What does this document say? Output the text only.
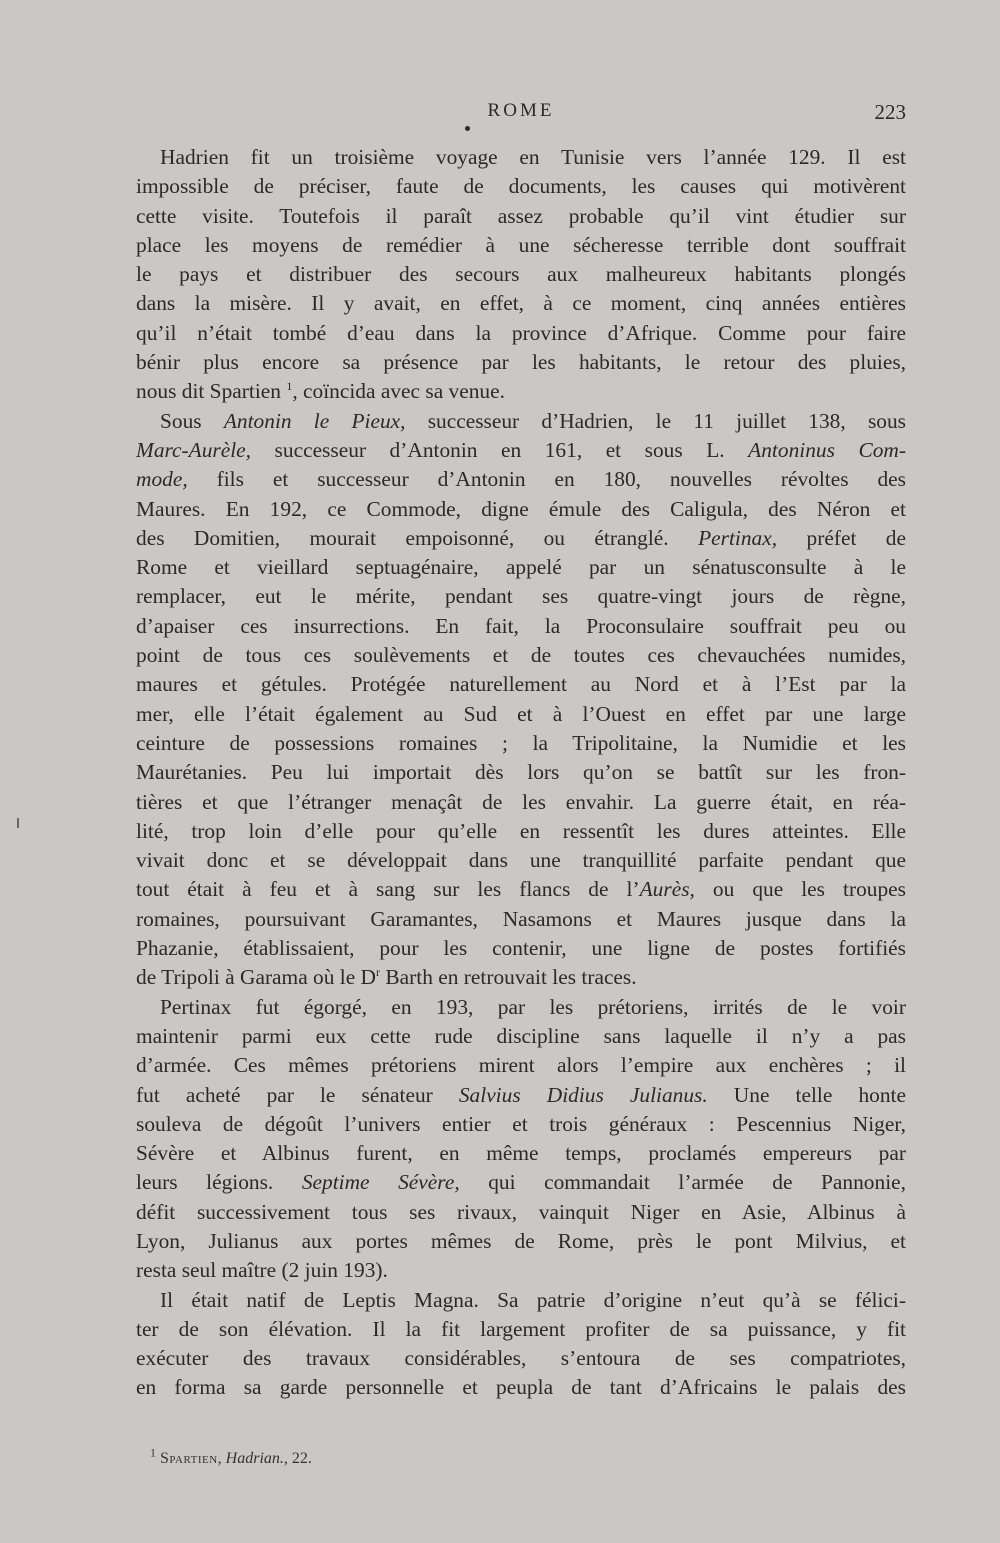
ROME	223
Hadrien fit un troisième voyage en Tunisie vers l’année 129. Il est
impossible de préciser, faute de documents, les causes qui motivèrent
cette visite. Toutefois il paraît assez probable qu’il vint étudier sur
place les moyens de remédier à une sécheresse terrible dont souffrait
le pays et distribuer des secours aux malheureux habitants plongés
dans la misère. Il y avait, en effet, à ce moment, cinq années entières
qu’il n’était tombé d’eau dans la province d’Afrique. Comme pour faire
bénir plus encore sa présence par les habitants, le retour des pluies,
nous dit Spartien $^1$, coïncida avec sa venue.
Sous Antonin le Pieux, successeur d’Hadrien, le 11 juillet 138, sous
Marc-Aurèle, successeur d’Antonin en 161, et sous L. Antoninus Com-
mode, fils et successeur d’Antonin en 180, nouvelles révoltes des
Maures. En 192, ce Commode, digne émule des Caligula, des Néron et
des Domitien, mourait empoisonné, ou étranglé. Pertinax, préfet de
Rome et vieillard septuagénaire, appelé par un sénatusconsulte à le
remplacer, eut le mérite, pendant ses quatre-vingt jours de règne,
d’apaiser ces insurrections. En fait, la Proconsulaire souffrait peu ou
point de tous ces soulèvements et de toutes ces chevauchées numides,
maures et gétules. Protégée naturellement au Nord et à l’Est par la
mer, elle l’était également au Sud et à l’Ouest en effet par une large
ceinture de possessions romaines ; la Tripolitaine, la Numidie et les
Maurétanies. Peu lui importait dès lors qu’on se battît sur les fron-
tières et que l’étranger menaçât de les envahir. La guerre était, en réa-
lité, trop loin d’elle pour qu’elle en ressentît les dures atteintes. Elle
vivait donc et se développait dans une tranquillité parfaite pendant que
tout était à feu et à sang sur les flancs de l’Aurès, ou que les troupes
romaines, poursuivant Garamantes, Nasamons et Maures jusque dans la
Phazanie, établissaient, pour les contenir, une ligne de postes fortifiés
de Tripoli à Garama où le $D^r$ Barth en retrouvait les traces.
Pertinax fut égorgé, en 193, par les prétoriens, irrités de le voir
maintenir parmi eux cette rude discipline sans laquelle il n’y a pas
d’armée. Ces mêmes prétoriens mirent alors l’empire aux enchères ; il
fut acheté par le sénateur Salvius Didius Julianus. Une telle honte
souleva de dégoût l’univers entier et trois généraux : Pescennius Niger,
Sévère et Albinus furent, en même temps, proclamés empereurs par
leurs légions. Septime Sévère, qui commandait l’armée de Pannonie,
défit successivement tous ses rivaux, vainquit Niger en Asie, Albinus à
Lyon, Julianus aux portes mêmes de Rome, près le pont Milvius, et
resta seul maître (2 juin 193).
Il était natif de Leptis Magna. Sa patrie d’origine n’eut qu’à se félici-
ter de son élévation. Il la fit largement profiter de sa puissance, y fit
exécuter des travaux considérables, s’entoura de ses compatriotes,
en forma sa garde personnelle et peupla de tant d’Africains le palais des
$^1$ Spartien, Hadrian., 22.
